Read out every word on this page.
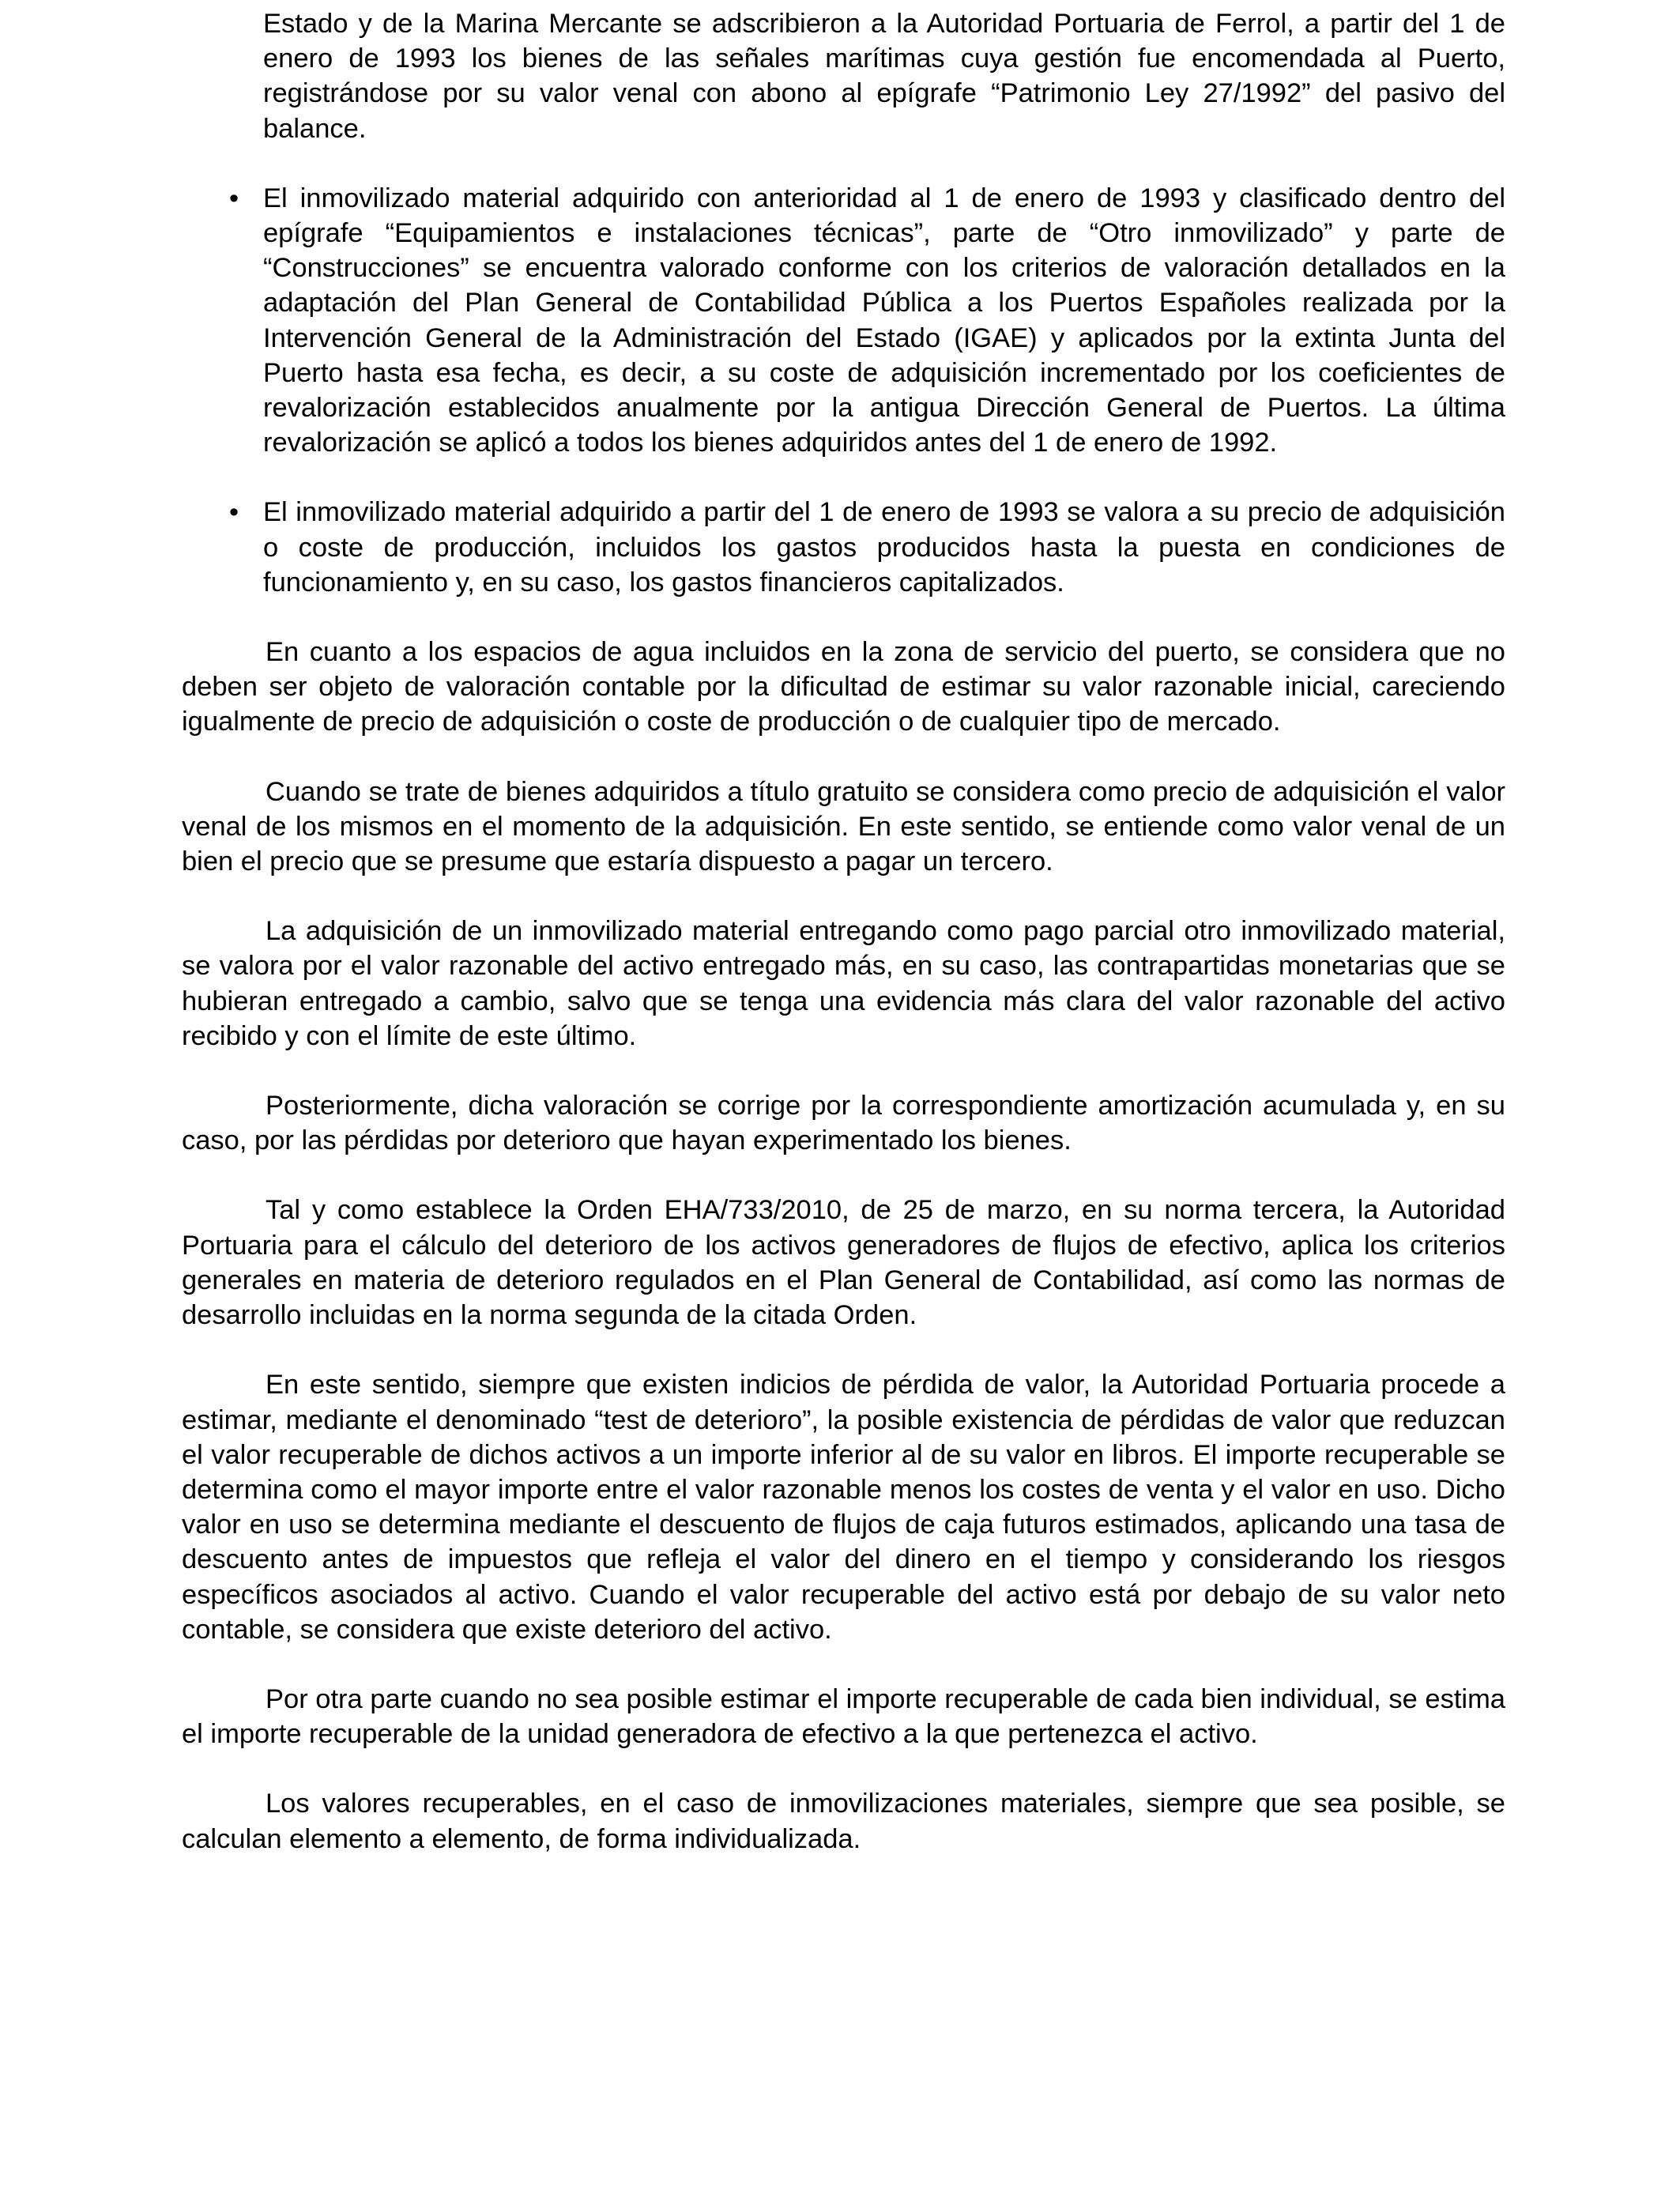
Estado y de la Marina Mercante se adscribieron a la Autoridad Portuaria de Ferrol, a partir del 1 de enero de 1993 los bienes de las señales marítimas cuya gestión fue encomendada al Puerto, registrándose por su valor venal con abono al epígrafe “Patrimonio Ley 27/1992” del pasivo del balance.

• El inmovilizado material adquirido con anterioridad al 1 de enero de 1993 y clasificado dentro del epígrafe “Equipamientos e instalaciones técnicas”, parte de “Otro inmovilizado” y parte de “Construcciones” se encuentra valorado conforme con los criterios de valoración detallados en la adaptación del Plan General de Contabilidad Pública a los Puertos Españoles realizada por la Intervención General de la Administración del Estado (IGAE) y aplicados por la extinta Junta del Puerto hasta esa fecha, es decir, a su coste de adquisición incrementado por los coeficientes de revalorización establecidos anualmente por la antigua Dirección General de Puertos. La última revalorización se aplicó a todos los bienes adquiridos antes del 1 de enero de 1992.
• El inmovilizado material adquirido a partir del 1 de enero de 1993 se valora a su precio de adquisición o coste de producción, incluidos los gastos producidos hasta la puesta en condiciones de funcionamiento y, en su caso, los gastos financieros capitalizados.

En cuanto a los espacios de agua incluidos en la zona de servicio del puerto, se considera que no deben ser objeto de valoración contable por la dificultad de estimar su valor razonable inicial, careciendo igualmente de precio de adquisición o coste de producción o de cualquier tipo de mercado.

Cuando se trate de bienes adquiridos a título gratuito se considera como precio de adquisición el valor venal de los mismos en el momento de la adquisición. En este sentido, se entiende como valor venal de un bien el precio que se presume que estaría dispuesto a pagar un tercero.

La adquisición de un inmovilizado material entregando como pago parcial otro inmovilizado material, se valora por el valor razonable del activo entregado más, en su caso, las contrapartidas monetarias que se hubieran entregado a cambio, salvo que se tenga una evidencia más clara del valor razonable del activo recibido y con el límite de este último.

Posteriormente, dicha valoración se corrige por la correspondiente amortización acumulada y, en su caso, por las pérdidas por deterioro que hayan experimentado los bienes.

Tal y como establece la Orden EHA/733/2010, de 25 de marzo, en su norma tercera, la Autoridad Portuaria para el cálculo del deterioro de los activos generadores de flujos de efectivo, aplica los criterios generales en materia de deterioro regulados en el Plan General de Contabilidad, así como las normas de desarrollo incluidas en la norma segunda de la citada Orden.

En este sentido, siempre que existen indicios de pérdida de valor, la Autoridad Portuaria procede a estimar, mediante el denominado “test de deterioro”, la posible existencia de pérdidas de valor que reduzcan el valor recuperable de dichos activos a un importe inferior al de su valor en libros. El importe recuperable se determina como el mayor importe entre el valor razonable menos los costes de venta y el valor en uso. Dicho valor en uso se determina mediante el descuento de flujos de caja futuros estimados, aplicando una tasa de descuento antes de impuestos que refleja el valor del dinero en el tiempo y considerando los riesgos específicos asociados al activo. Cuando el valor recuperable del activo está por debajo de su valor neto contable, se considera que existe deterioro del activo.

Por otra parte cuando no sea posible estimar el importe recuperable de cada bien individual, se estima el importe recuperable de la unidad generadora de efectivo a la que pertenezca el activo.

Los valores recuperables, en el caso de inmovilizaciones materiales, siempre que sea posible, se calculan elemento a elemento, de forma individualizada.
